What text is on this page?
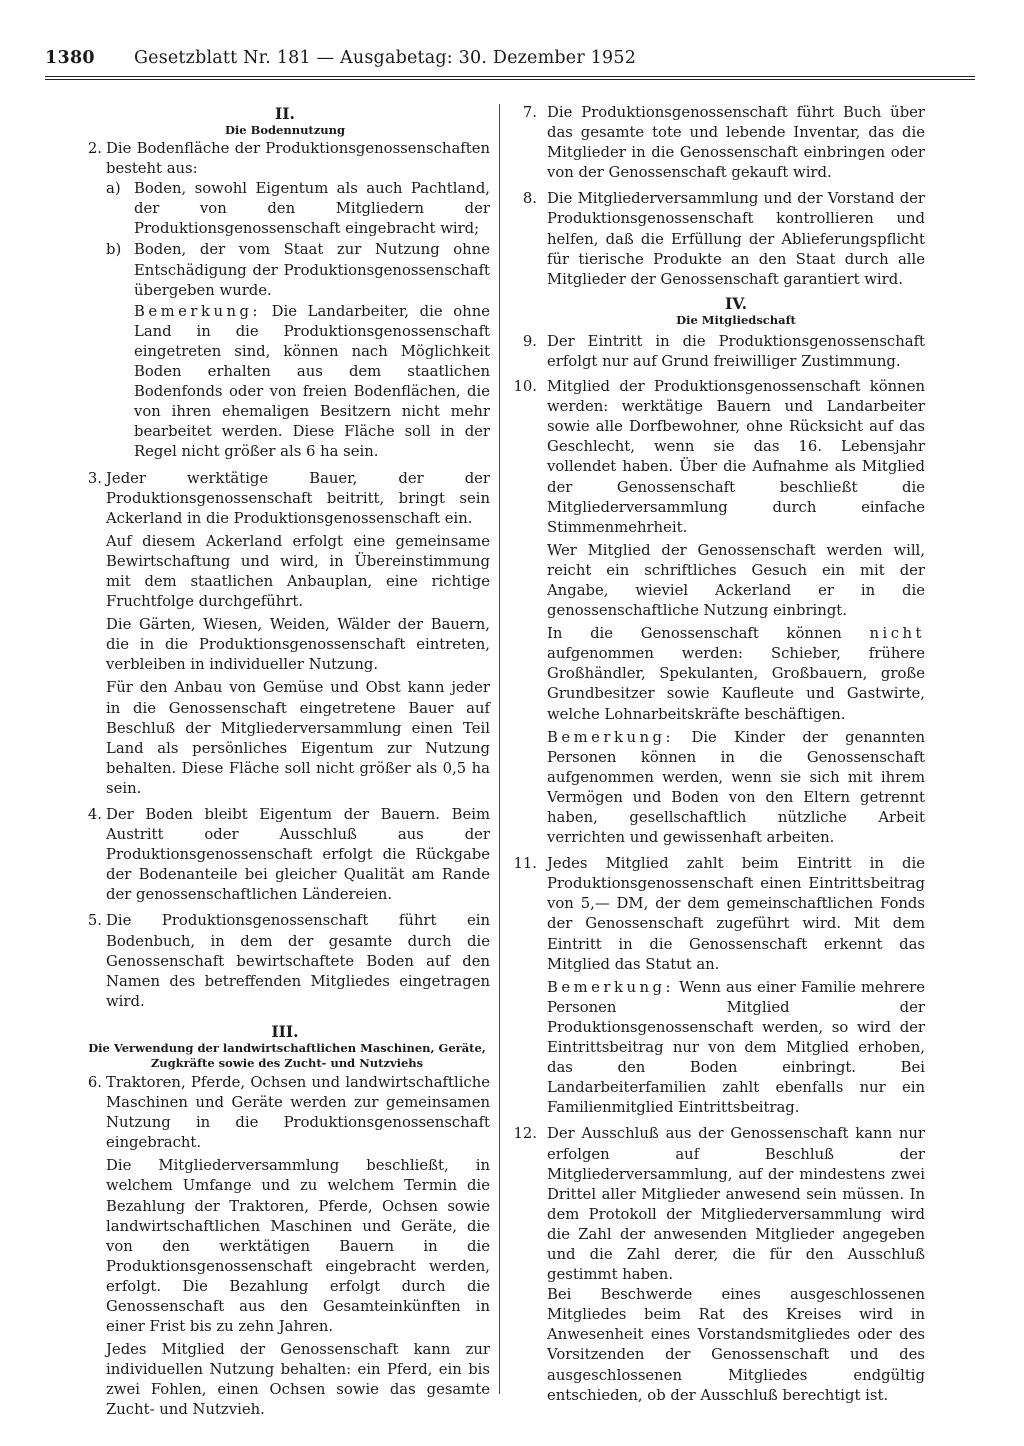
1380	Gesetzblatt Nr. 181 — Ausgabetag: 30. Dezember 1952
II.
Die Bodennutzung
2. Die Bodenfläche der Produktionsgenossenschaften besteht aus:
a) Boden, sowohl Eigentum als auch Pachtland, der von den Mitgliedern der Produktionsgenossenschaft eingebracht wird;
b) Boden, der vom Staat zur Nutzung ohne Entschädigung der Produktionsgenossenschaft übergeben wurde.
Bemerkung: Die Landarbeiter, die ohne Land in die Produktionsgenossenschaft eingetreten sind, können nach Möglichkeit Boden erhalten aus dem staatlichen Bodenfonds oder von freien Bodenflächen, die von ihren ehemaligen Besitzern nicht mehr bearbeitet werden. Diese Fläche soll in der Regel nicht größer als 6 ha sein.
3. Jeder werktätige Bauer, der der Produktionsgenossenschaft beitritt, bringt sein Ackerland in die Produktionsgenossenschaft ein.
Auf diesem Ackerland erfolgt eine gemeinsame Bewirtschaftung und wird, in Übereinstimmung mit dem staatlichen Anbauplan, eine richtige Fruchtfolge durchgeführt.
Die Gärten, Wiesen, Weiden, Wälder der Bauern, die in die Produktionsgenossenschaft eintreten, verbleiben in individueller Nutzung.
Für den Anbau von Gemüse und Obst kann jeder in die Genossenschaft eingetretene Bauer auf Beschluß der Mitgliederversammlung einen Teil Land als persönliches Eigentum zur Nutzung behalten. Diese Fläche soll nicht größer als 0,5 ha sein.
4. Der Boden bleibt Eigentum der Bauern. Beim Austritt oder Ausschluß aus der Produktionsgenossenschaft erfolgt die Rückgabe der Bodenanteile bei gleicher Qualität am Rande der genossenschaftlichen Ländereien.
5. Die Produktionsgenossenschaft führt ein Bodenbuch, in dem der gesamte durch die Genossenschaft bewirtschaftete Boden auf den Namen des betreffenden Mitgliedes eingetragen wird.
III.
Die Verwendung der landwirtschaftlichen Maschinen, Geräte, Zugkräfte sowie des Zucht- und Nutzviehs
6. Traktoren, Pferde, Ochsen und landwirtschaftliche Maschinen und Geräte werden zur gemeinsamen Nutzung in die Produktionsgenossenschaft eingebracht.
Die Mitgliederversammlung beschließt, in welchem Umfange und zu welchem Termin die Bezahlung der Traktoren, Pferde, Ochsen sowie landwirtschaftlichen Maschinen und Geräte, die von den werktätigen Bauern in die Produktionsgenossenschaft eingebracht werden, erfolgt. Die Bezahlung erfolgt durch die Genossenschaft aus den Gesamteinkünften in einer Frist bis zu zehn Jahren.
Jedes Mitglied der Genossenschaft kann zur individuellen Nutzung behalten: ein Pferd, ein bis zwei Fohlen, einen Ochsen sowie das gesamte Zucht- und Nutzvieh.
7. Die Produktionsgenossenschaft führt Buch über das gesamte tote und lebende Inventar, das die Mitglieder in die Genossenschaft einbringen oder von der Genossenschaft gekauft wird.
8. Die Mitgliederversammlung und der Vorstand der Produktionsgenossenschaft kontrollieren und helfen, daß die Erfüllung der Ablieferungspflicht für tierische Produkte an den Staat durch alle Mitglieder der Genossenschaft garantiert wird.
IV.
Die Mitgliedschaft
9. Der Eintritt in die Produktionsgenossenschaft erfolgt nur auf Grund freiwilliger Zustimmung.
10. Mitglied der Produktionsgenossenschaft können werden: werktätige Bauern und Landarbeiter sowie alle Dorfbewohner, ohne Rücksicht auf das Geschlecht, wenn sie das 16. Lebensjahr vollendet haben. Über die Aufnahme als Mitglied der Genossenschaft beschließt die Mitgliederversammlung durch einfache Stimmenmehrheit.
Wer Mitglied der Genossenschaft werden will, reicht ein schriftliches Gesuch ein mit der Angabe, wieviel Ackerland er in die genossenschaftliche Nutzung einbringt.
In die Genossenschaft können nicht aufgenommen werden: Schieber, frühere Großhändler, Spekulanten, Großbauern, große Grundbesitzer sowie Kaufleute und Gastwirte, welche Lohnarbeitskräfte beschäftigen.
Bemerkung: Die Kinder der genannten Personen können in die Genossenschaft aufgenommen werden, wenn sie sich mit ihrem Vermögen und Boden von den Eltern getrennt haben, gesellschaftlich nützliche Arbeit verrichten und gewissenhaft arbeiten.
11. Jedes Mitglied zahlt beim Eintritt in die Produktionsgenossenschaft einen Eintrittsbeitrag von 5,— DM, der dem gemeinschaftlichen Fonds der Genossenschaft zugeführt wird. Mit dem Eintritt in die Genossenschaft erkennt das Mitglied das Statut an.
Bemerkung: Wenn aus einer Familie mehrere Personen Mitglied der Produktionsgenossenschaft werden, so wird der Eintrittsbeitrag nur von dem Mitglied erhoben, das den Boden einbringt. Bei Landarbeiterfamilien zahlt ebenfalls nur ein Familienmitglied Eintrittsbeitrag.
12. Der Ausschluß aus der Genossenschaft kann nur erfolgen auf Beschluß der Mitgliederversammlung, auf der mindestens zwei Drittel aller Mitglieder anwesend sein müssen. In dem Protokoll der Mitgliederversammlung wird die Zahl der anwesenden Mitglieder angegeben und die Zahl derer, die für den Ausschluß gestimmt haben.
Bei Beschwerde eines ausgeschlossenen Mitgliedes beim Rat des Kreises wird in Anwesenheit eines Vorstandsmitgliedes oder des Vorsitzenden der Genossenschaft und des ausgeschlossenen Mitgliedes endgültig entschieden, ob der Ausschluß berechtigt ist.
